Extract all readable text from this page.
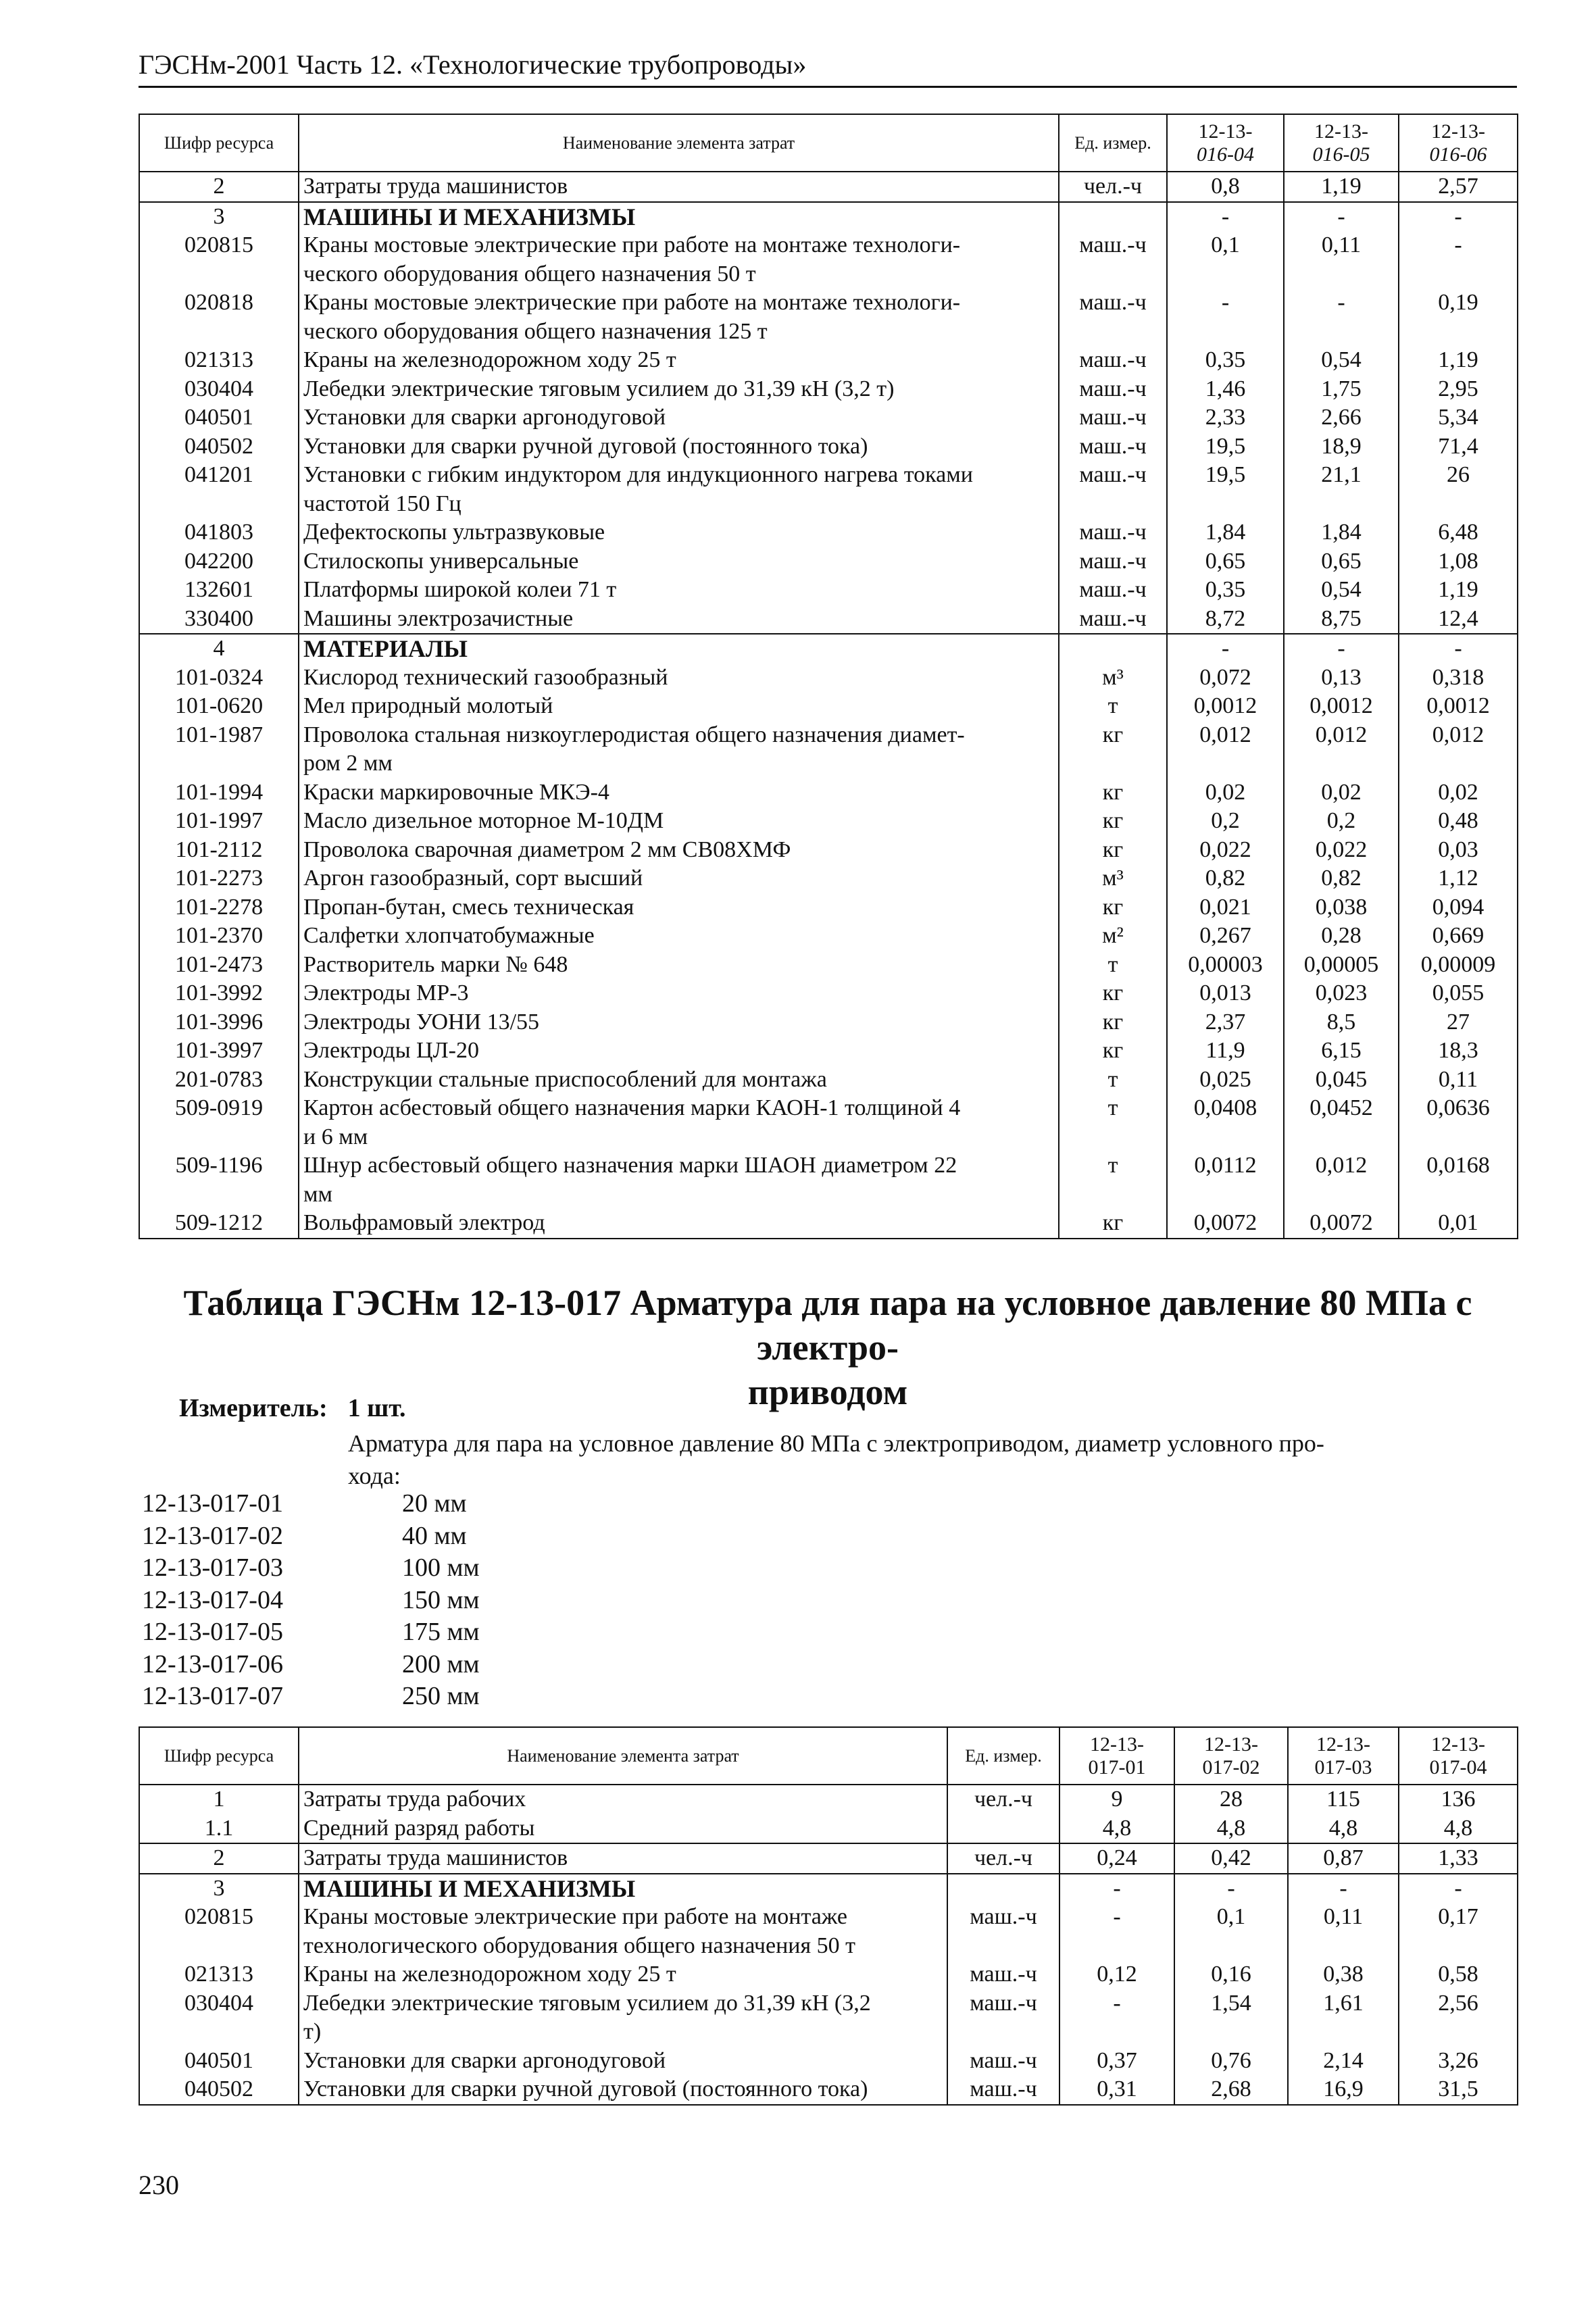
ГЭСНм-2001 Часть 12. «Технологические трубопроводы»
Шифр ресурса	Наименование элемента затрат	Ед. измер.	12-13-
016-04	12-13-
016-05	12-13-
016-06
2	Затраты труда машинистов	чел.-ч	0,8	1,19	2,57
3	МАШИНЫ И МЕХАНИЗМЫ		-	-	-
020815	Краны мостовые электрические при работе на монтаже технологи-
ческого оборудования общего назначения 50 т	маш.-ч	0,1	0,11	-
020818	Краны мостовые электрические при работе на монтаже технологи-
ческого оборудования общего назначения 125 т	маш.-ч	-	-	0,19
021313	Краны на железнодорожном ходу 25 т	маш.-ч	0,35	0,54	1,19
030404	Лебедки электрические тяговым усилием до 31,39 кН (3,2 т)	маш.-ч	1,46	1,75	2,95
040501	Установки для сварки аргонодуговой	маш.-ч	2,33	2,66	5,34
040502	Установки для сварки ручной дуговой (постоянного тока)	маш.-ч	19,5	18,9	71,4
041201	Установки с гибким индуктором для индукционного нагрева токами
частотой 150 Гц	маш.-ч	19,5	21,1	26
041803	Дефектоскопы ультразвуковые	маш.-ч	1,84	1,84	6,48
042200	Стилоскопы универсальные	маш.-ч	0,65	0,65	1,08
132601	Платформы широкой колеи 71 т	маш.-ч	0,35	0,54	1,19
330400	Машины электрозачистные	маш.-ч	8,72	8,75	12,4
4	МАТЕРИАЛЫ		-	-	-
101-0324	Кислород технический газообразный	м³	0,072	0,13	0,318
101-0620	Мел природный молотый	т	0,0012	0,0012	0,0012
101-1987	Проволока стальная низкоуглеродистая общего назначения диамет-
ром 2 мм	кг	0,012	0,012	0,012
101-1994	Краски маркировочные МКЭ-4	кг	0,02	0,02	0,02
101-1997	Масло дизельное моторное М-10ДМ	кг	0,2	0,2	0,48
101-2112	Проволока сварочная диаметром 2 мм СВ08ХМФ	кг	0,022	0,022	0,03
101-2273	Аргон газообразный, сорт высший	м³	0,82	0,82	1,12
101-2278	Пропан-бутан, смесь техническая	кг	0,021	0,038	0,094
101-2370	Салфетки хлопчатобумажные	м²	0,267	0,28	0,669
101-2473	Растворитель марки № 648	т	0,00003	0,00005	0,00009
101-3992	Электроды МР-3	кг	0,013	0,023	0,055
101-3996	Электроды УОНИ 13/55	кг	2,37	8,5	27
101-3997	Электроды ЦЛ-20	кг	11,9	6,15	18,3
201-0783	Конструкции стальные приспособлений для монтажа	т	0,025	0,045	0,11
509-0919	Картон асбестовый общего назначения марки КАОН-1 толщиной 4
и 6 мм	т	0,0408	0,0452	0,0636
509-1196	Шнур асбестовый общего назначения марки ШАОН диаметром 22
мм	т	0,0112	0,012	0,0168
509-1212	Вольфрамовый электрод	кг	0,0072	0,0072	0,01
Таблица ГЭСНм 12-13-017 Арматура для пара на условное давление 80 МПа с электро-
приводом
Измеритель: 1 шт.
Арматура для пара на условное давление 80 МПа с электроприводом, диаметр условного про-
хода:
12-13-017-01	20 мм
12-13-017-02	40 мм
12-13-017-03	100 мм
12-13-017-04	150 мм
12-13-017-05	175 мм
12-13-017-06	200 мм
12-13-017-07	250 мм
Шифр ресурса	Наименование элемента затрат	Ед. измер.	12-13-
017-01	12-13-
017-02	12-13-
017-03	12-13-
017-04
1	Затраты труда рабочих	чел.-ч	9	28	115	136
1.1	Средний разряд работы		4,8	4,8	4,8	4,8
2	Затраты труда машинистов	чел.-ч	0,24	0,42	0,87	1,33
3	МАШИНЫ И МЕХАНИЗМЫ		-	-	-	-
020815	Краны мостовые электрические при работе на монтаже
технологического оборудования общего назначения 50 т	маш.-ч	-	0,1	0,11	0,17
021313	Краны на железнодорожном ходу 25 т	маш.-ч	0,12	0,16	0,38	0,58
030404	Лебедки электрические тяговым усилием до 31,39 кН (3,2
т)	маш.-ч	-	1,54	1,61	2,56
040501	Установки для сварки аргонодуговой	маш.-ч	0,37	0,76	2,14	3,26
040502	Установки для сварки ручной дуговой (постоянного тока)	маш.-ч	0,31	2,68	16,9	31,5
230
